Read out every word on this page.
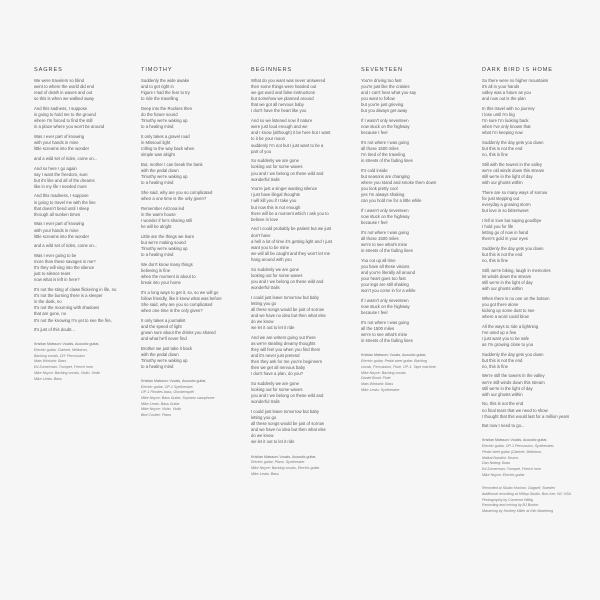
SAGRES
We were travelers so blind
went to where the world did end
read of death in waves and out
so this is when we walked away
And this sadness, I suppose
is going to hold me to the ground
where I'm forced to find the still
in a place where you won't be around
Was I ever part of knowing
with your hands in mine
little screams into the wonder
and a wild set of rides, come on...
And so here I go again
say I want the freedom, sure
but it's like and all of the dreams
like in my life I needed more
And this madness, I suppose
is going to travel me with the line
that doesn't bend until I sleep
through all sunken times
Was I ever part of knowing
with your hands in mine
little screams into the wonder
and a wild set of rides, come on...
Was I ever going to be
more than these savages in me?
It's they will sing into the silence
just to silence tears
now what is left in here?
It's not the sting of claws flickering in life, no
It's not the burning there is a sleeper
in the dusk, no
It's not the mourning with shadows
that are gone, no
It's not the knowing I'm yet to see the fire,
It's just of this doubt...
Kristian Matsson: Vocals, Acoustic guitar,
Electric guitar, Clarinet, Mellotron,
Backing vocals, DIY Percussion
Mats Winkvist: Bass
Ed Zumerman: Trumpet, French horn
Mike Noyce: Backing vocals, Violin, Violin
Mike Lewis: Bass
TIMOTHY
Suddenly the wide awake
and to get right in
Figure I had the fear to try
to ride the travelling
Deep into the Rockies then
do the future sound
Timothy we're waking up
to a healing mind
It only takes a gravel road
in Missouri light
rolling to the way back when
simple was alright
But, mother I can break the bank
with the pedal down
Timothy we're waking up
to a healing mind
She said, why are you so complicated
when a one time is the only given?
Remember Arizona led
in the warm house
I wonder if he's sharing still
he will be alright
Little are the things we learn
but we're making sound
Timothy we're waking up
to a healing mind
We don't know many things
believing is fine
when the moment is about to
break into your home
It's a long ways to get it, so, so we will go
follow friendly, like it knew what was before
She said, why are you so complicated
when one time is the only given?
It only takes a journalist
and the speed of light
grown sure about the drinks you shared
and what he'll never find
Brother we just take it back
with the pedal down
Timothy we're waking up
to a healing mind
Kristian Matsson: Vocals, Acoustic guitar,
Electric guitar, OP-1 Synthesizer,
OP-1 Rhodes bass, Glockenspiel
Mike Noyce: Bass Guitar, Soprano saxophone
Mike Lewis: Bass Guitar
Mike Noyce: Violin, Violin
Bird Coulter: Piano
BEGINNERS
What do you want was never answered
then some things were handed out
we got word and false instructions
but somehow we planned around
that we got all nervous baby
I don't have the heart like you
And so we listened now if nature
were just loud enough and we
and I know (although) it be here but I want
to it be your moon
suddenly I'm not but I just want to be a
part of you
So suddenly we are gone
looking out for some waves
you and I we belong on these wild and
wonderful trails
You're just a singer wanting silence
I just have illegal thoughts
I will kill you if I take you
but now this is not enough
there will be a moment which I ask you to
believe in love
And I could probably be patient but we just
don't have
a hell a lot of time it's getting light and I just
want you to be mine
we will all be caught and they won't let me
hang around with you
So suddenly we are gone
looking out for some waves
you and I we belong on these wild and
wonderful trails
I could just leave tomorrow but baby
letting you go
all these songs would be just of sorrow
and we have no idea but then what else
do we know
we let it out to let it ride
And we are writers going out there
as we're stealing dreamy thoughts
they will feel you when you find them
and it's never just pretend
then they ask for me you're beginners
then we get all nervous baby
I don't have a plan, do you?
So suddenly we are gone
looking out for some waves
you and I we belong on these wild and
wonderful trails
I could just leave tomorrow but baby
letting you go
all these songs would be just of sorrow
and we have no idea but then what else
do we know
we let it out to let it ride
Kristian Matsson: Vocals, Acoustic guitar,
Electric guitar, Piano, Synthesizer
Mike Noyce: Backing vocals, Electric guitar
Mike Lewis: Bass
SEVENTEEN
You're driving too fast
you're just like the crasies
and I can't hear what you say
you want to follow
but you're just grieving
but you always get away
If I wasn't only seventeen
now stuck on the highway
because I feel
It's not where I was going
all those 1500 miles
I'm tired of the traveling
in streets of the fading lines
It's cold inside
but seasons are changing
where you stand and smoke them down
you look pretty cool
yes I'm always shaking
can you hold me for a little while
If I wasn't only seventeen
now stuck on the highway
because I feel
It's not where I was going
all those 1500 miles
we're to see what's mine
in streets of the fading lines
You cut up all time
you have all these visions
and you're literally all around
your heart goes too fast
your legs are still shaking
won't you come in for a while
If I wasn't only seventeen
now stuck on the highway
because I feel
It's not where I was going
all the 1500 miles
we're to see what's mine
in streets of the fading lines
Kristian Matsson: Vocals, Acoustic guitar,
Electric guitar, Pedal steel guitar, Backing
vocals, Percussion, Flute, OP-1, Tape machine
Mike Noyce: Backing vocals
Daniel Bond: Flute
Mats Winkvist: Bass
Mike Lewis: Synthesizer
DARK BIRD IS HOME
So there were no higher mountains
it's all in your hands
valley was a future as you
and now out is the plan
In this travel with no journey
I lose until I'm big
I'm sure I'm looking back
when I've only known that
what I'm keeping now
Suddenly the day gets you down
but this is not the end
no, this is fine
Still with the towers in the valley
we're old winds down this stream
still we're in the light of day
with our ghosts within
There are so many ways of sorrow
for just stepping out
everyday a growing storm
but love is so bittersweet
I fell in love but saying goodbye
I hold you for life
letting go of now in hand
there's gold in your eyes
Suddenly the day gets you down
but this is not the end
no, this is fine
Still, we're biking, laugh in memories
let winds down the stream
still we're in the light of day
with our ghosts within
When there is no one on the bottom
you got there alone
kicking up some dust to see
where a word could blow
All the ways to ride a lightning
I've used up a few
I just want you to be safe
as I'm growing close to you
Suddenly the day gets you down
but this is not the end
no, this is fine
We're still the towers in the valley
we're still winds down this stream
still we're in the light of day
with our ghosts within
No, this is not the end
no final tears that we need to show
I thought that this would last for a million years
But now I need to go...
Kristian Matsson: Vocals, Acoustic guitar,
Electric guitar, OP-1 Percussion, Synthesizer,
Pedal steel guitar (Clarinet, Mellotron,
Malkal Nandini: Drums
Dan Nuttng: Bass
Ed Zumerman: Trumpet, French horn
Mike Noyce: Electric guitar
Recorded at Studio Horizon, Dagsell, Sweden
Additional recording at Hilltop Studio, Bon Iver, WI, USA
Photography by Cameron Wittig
Recording and mixing by BJ Burton
Mastering by Huntley Miller at Kiln Mastering
